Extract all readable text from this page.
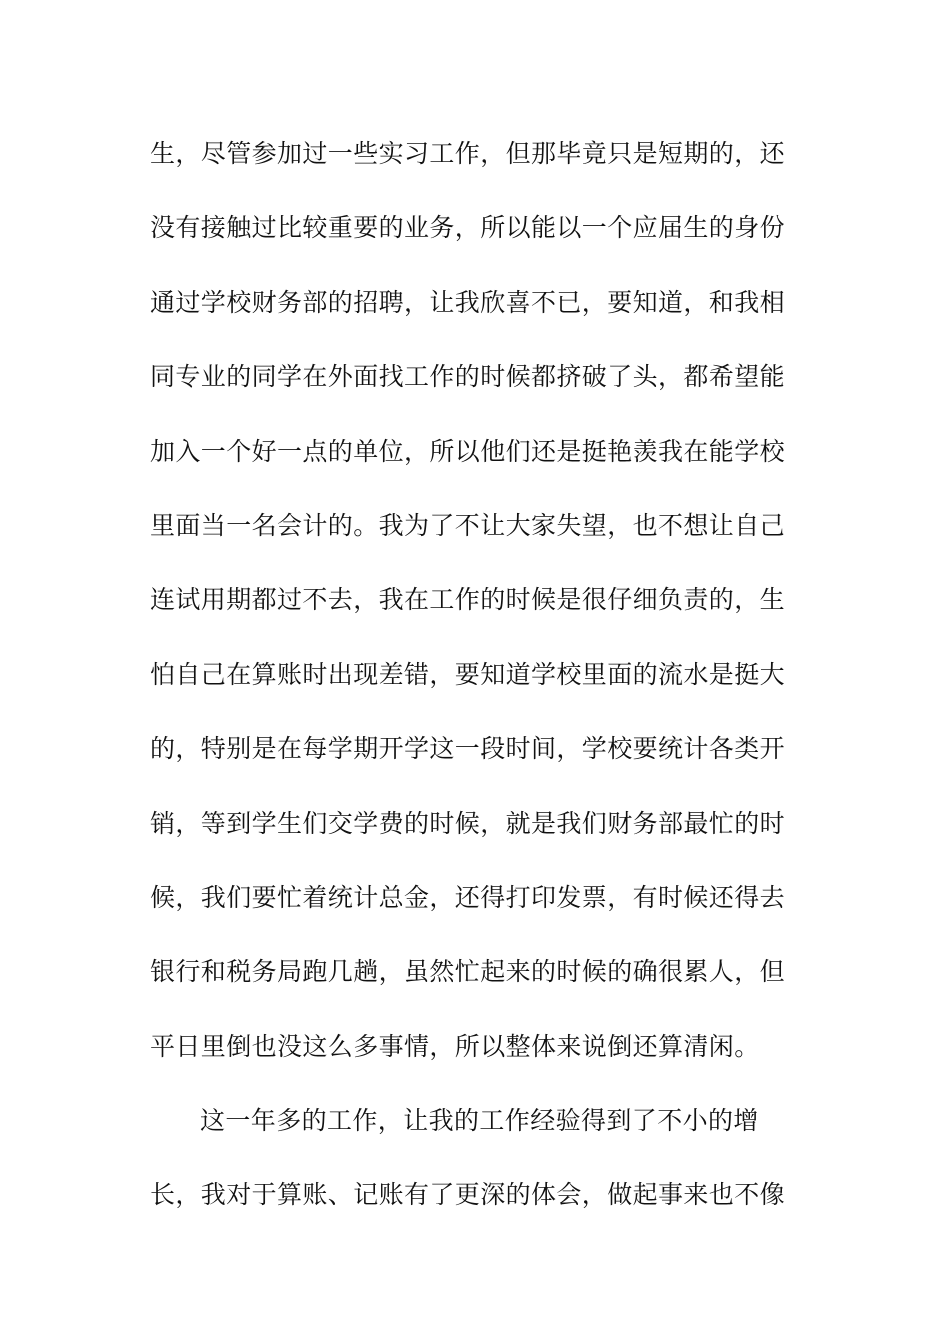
生，尽管参加过一些实习工作，但那毕竟只是短期的，还
没有接触过比较重要的业务，所以能以一个应届生的身份
通过学校财务部的招聘，让我欣喜不已，要知道，和我相
同专业的同学在外面找工作的时候都挤破了头，都希望能
加入一个好一点的单位，所以他们还是挺艳羡我在能学校
里面当一名会计的。我为了不让大家失望，也不想让自己
连试用期都过不去，我在工作的时候是很仔细负责的，生
怕自己在算账时出现差错，要知道学校里面的流水是挺大
的，特别是在每学期开学这一段时间，学校要统计各类开
销，等到学生们交学费的时候，就是我们财务部最忙的时
候，我们要忙着统计总金，还得打印发票，有时候还得去
银行和税务局跑几趟，虽然忙起来的时候的确很累人，但
平日里倒也没这么多事情，所以整体来说倒还算清闲。
这一年多的工作，让我的工作经验得到了不小的增
长，我对于算账、记账有了更深的体会，做起事来也不像
